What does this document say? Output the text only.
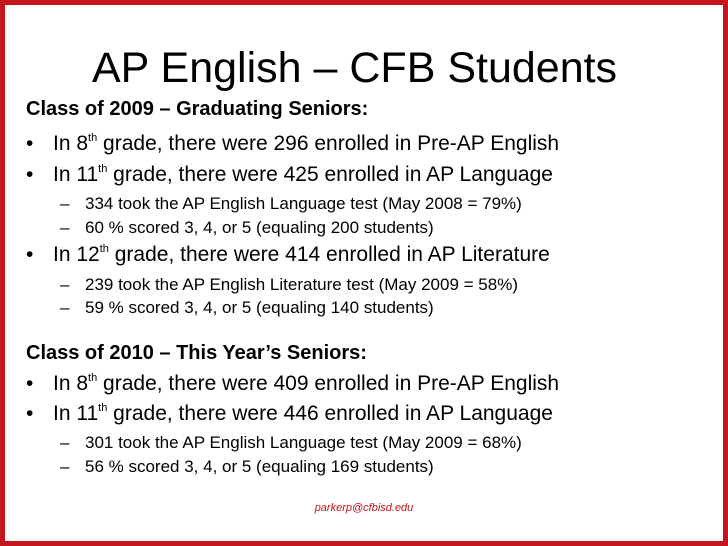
AP English – CFB Students
Class of 2009 – Graduating Seniors:
• In 8th grade, there were 296 enrolled in Pre-AP English
• In 11th grade, there were 425 enrolled in AP Language
– 334 took the AP English Language test (May 2008 = 79%)
– 60 % scored 3, 4, or 5 (equaling 200 students)
• In 12th grade, there were 414 enrolled in AP Literature
– 239 took the AP English Literature test (May 2009 = 58%)
– 59 % scored 3, 4, or 5 (equaling 140 students)
Class of 2010 – This Year’s Seniors:
• In 8th grade, there were 409 enrolled in Pre-AP English
• In 11th grade, there were 446 enrolled in AP Language
– 301 took the AP English Language test (May 2009 = 68%)
– 56 % scored 3, 4, or 5 (equaling 169 students)
parkerp@cfbisd.edu
